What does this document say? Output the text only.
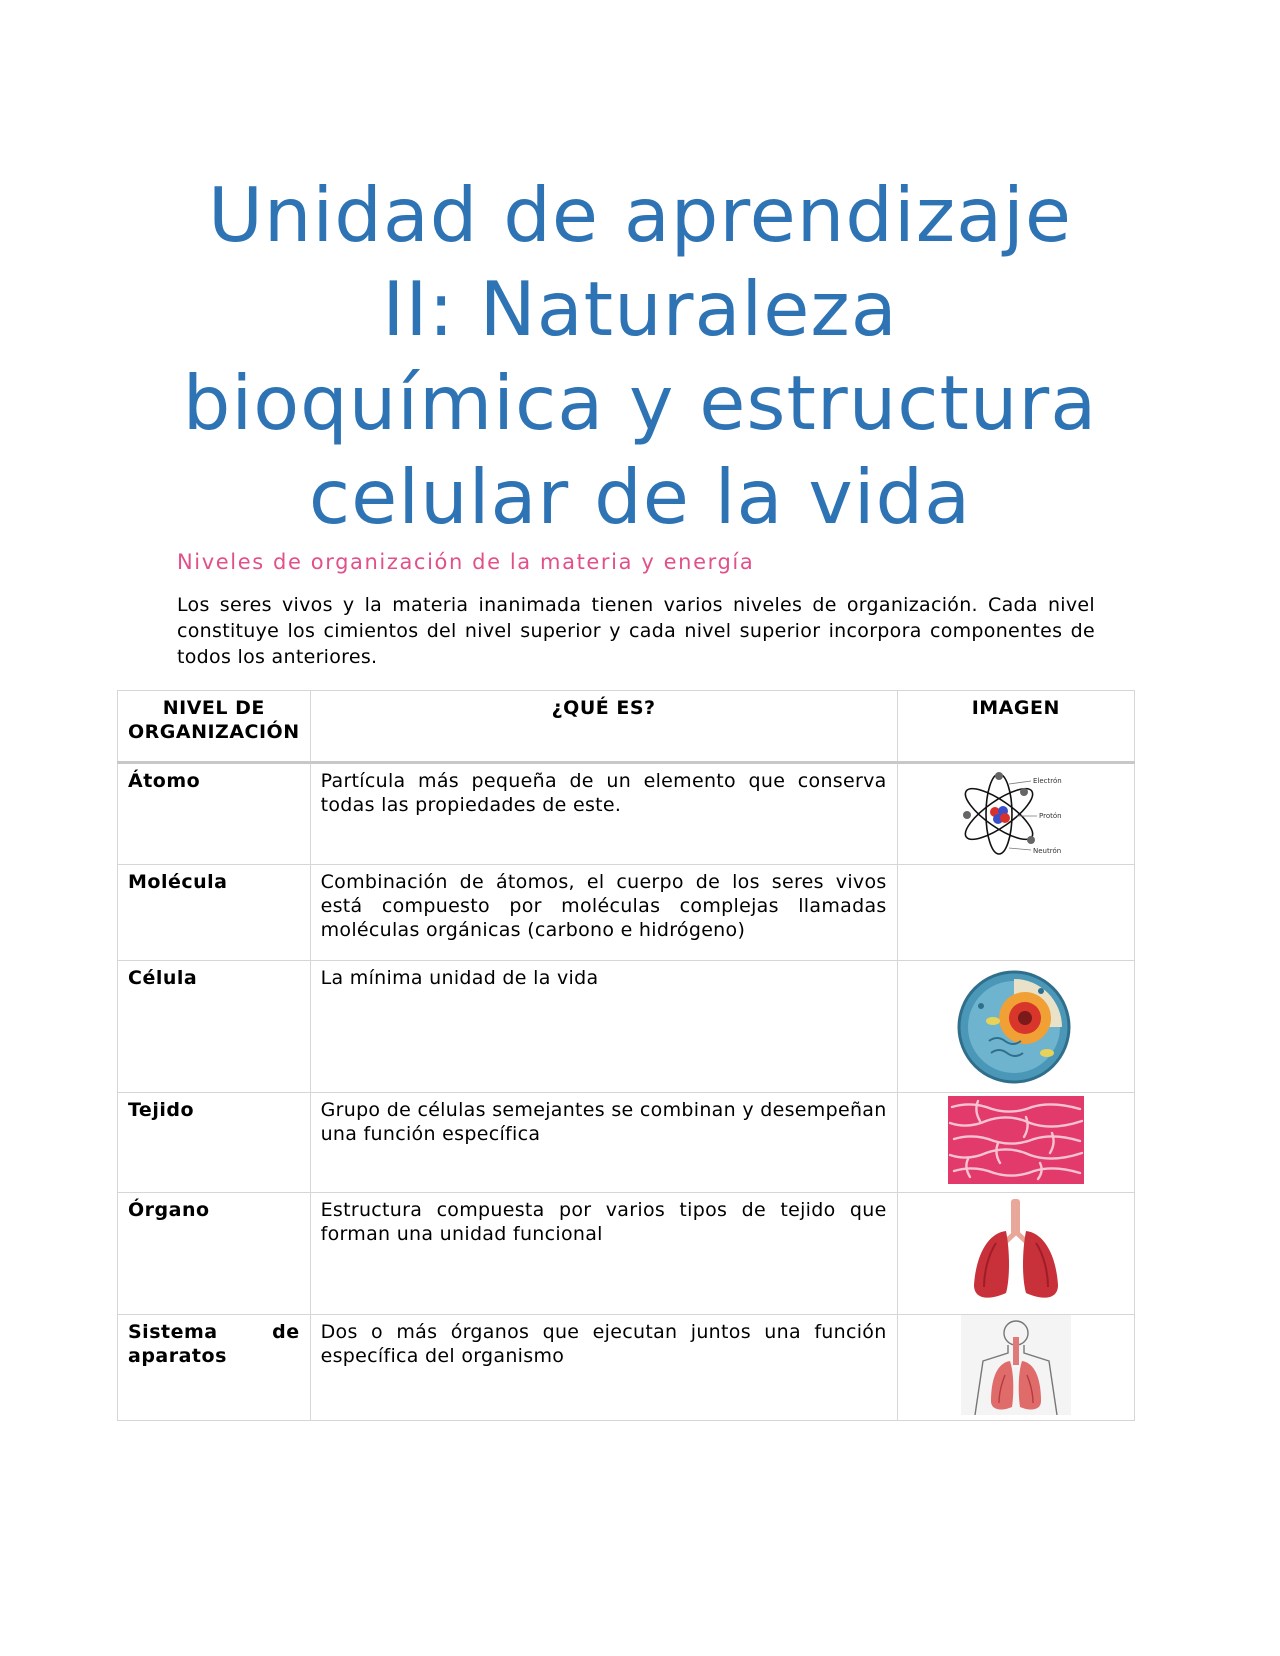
Unidad de aprendizaje
II: Naturaleza
bioquímica y estructura
celular de la vida

Niveles de organización de la materia y energía

Los seres vivos y la materia inanimada tienen varios niveles de organización. Cada nivel constituye los cimientos del nivel superior y cada nivel superior incorpora componentes de todos los anteriores.

NIVEL DE ORGANIZACIÓN	¿QUÉ ES?	IMAGEN
Átomo	Partícula más pequeña de un elemento que conserva todas las propiedades de este.	Electrón
Protón
Neutrón

Molécula	Combinación de átomos, el cuerpo de los seres vivos está compuesto por moléculas complejas llamadas moléculas orgánicas (carbono e hidrógeno)	
Célula	La mínima unidad de la vida	

Tejido	Grupo de células semejantes se combinan y desempeñan una función específica	

Órgano	Estructura compuesta por varios tipos de tejido que forman una unidad funcional	

Sistema de
aparatos	Dos o más órganos que ejecutan juntos una función específica del organismo	
